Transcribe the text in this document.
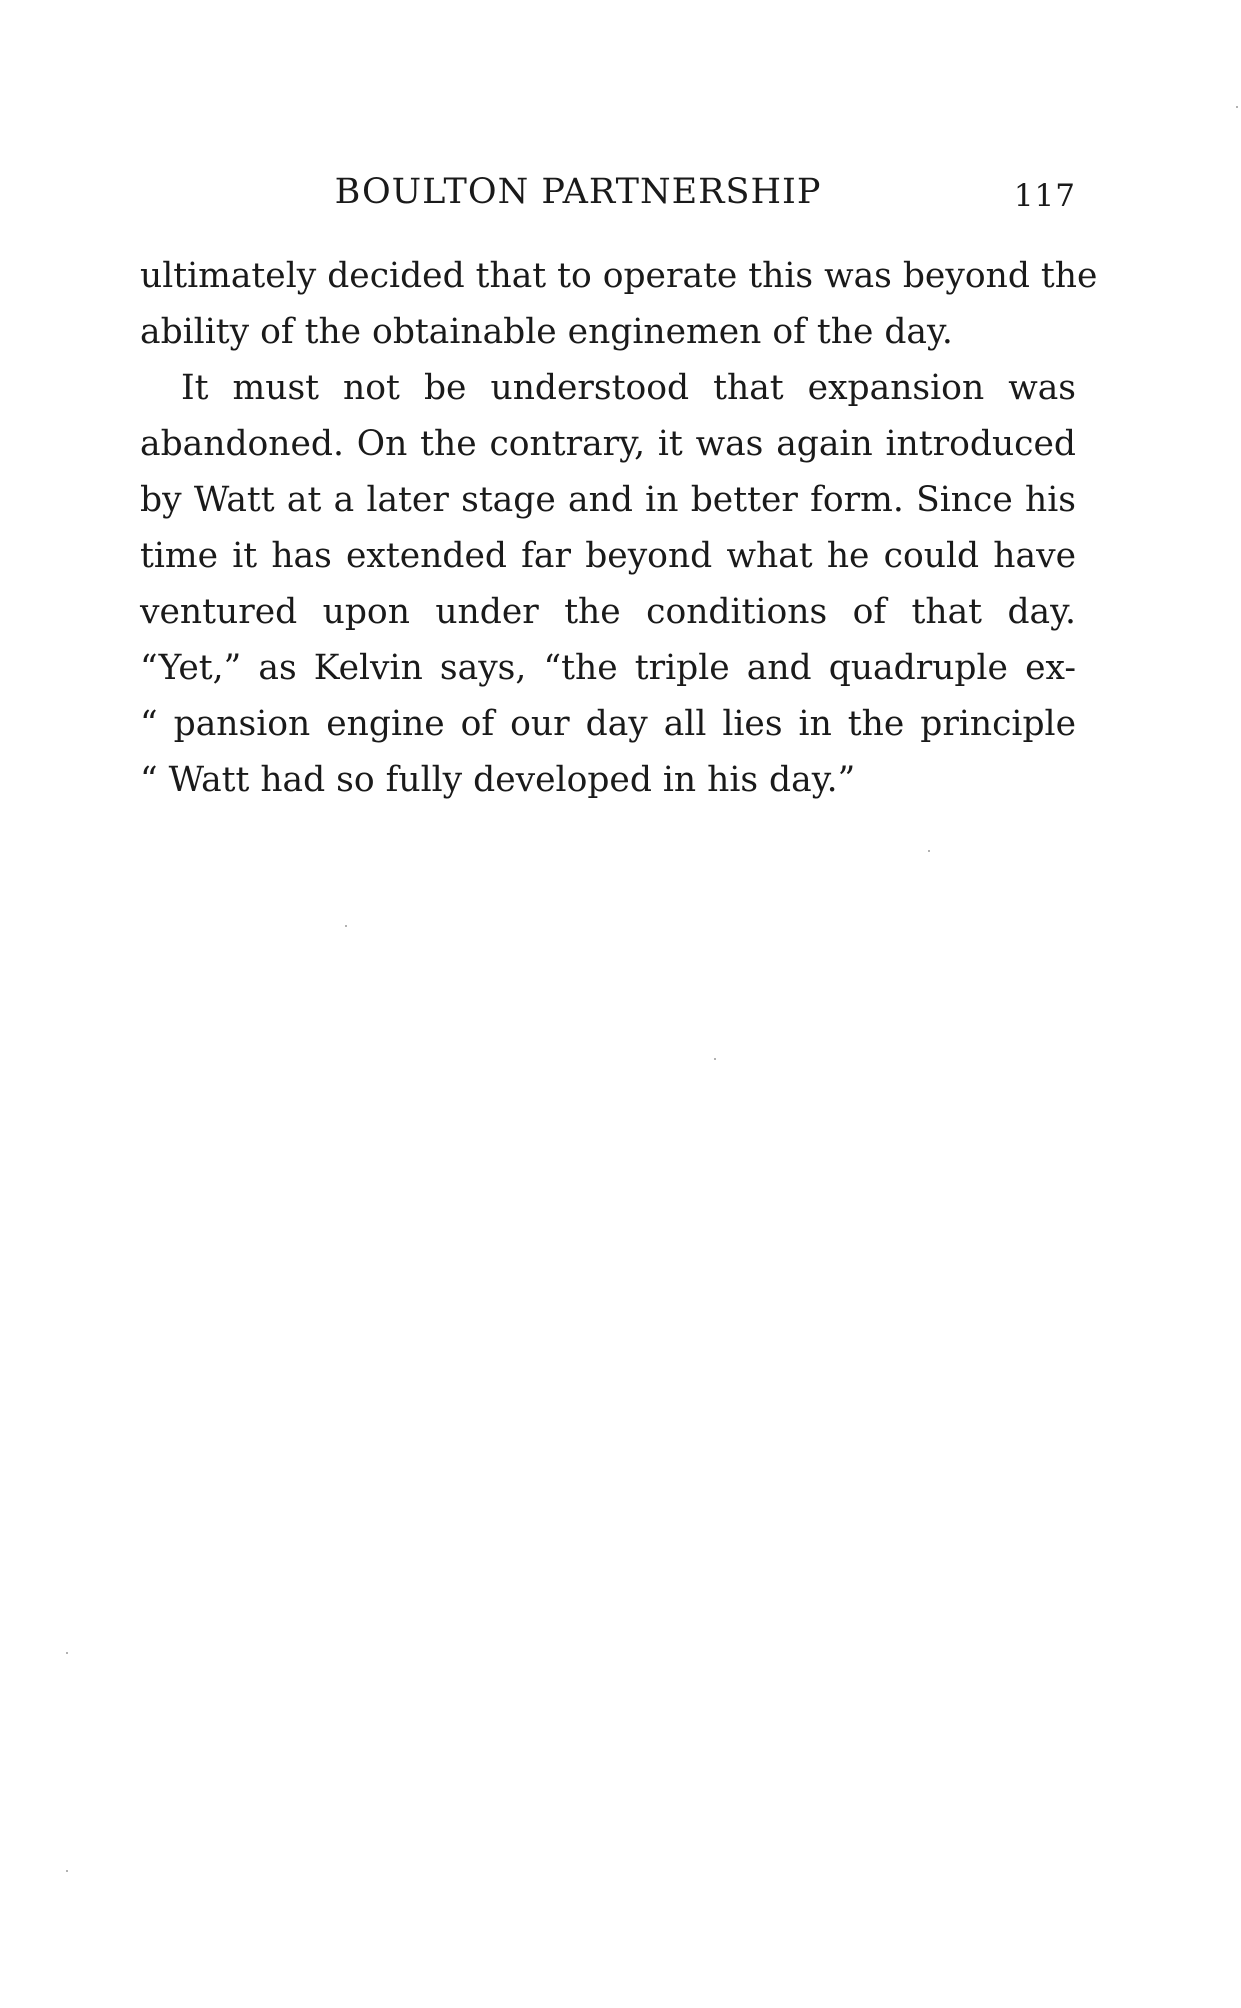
BOULTON PARTNERSHIP	117
ultimately decided that to operate this was beyond the
ability of the obtainable enginemen of the day.
It must not be understood that expansion was
abandoned. On the contrary, it was again introduced
by Watt at a later stage and in better form. Since his
time it has extended far beyond what he could have
ventured upon under the conditions of that day.
“Yet,” as Kelvin says, “the triple and quadruple ex-
“ pansion engine of our day all lies in the principle
“ Watt had so fully developed in his day.”
